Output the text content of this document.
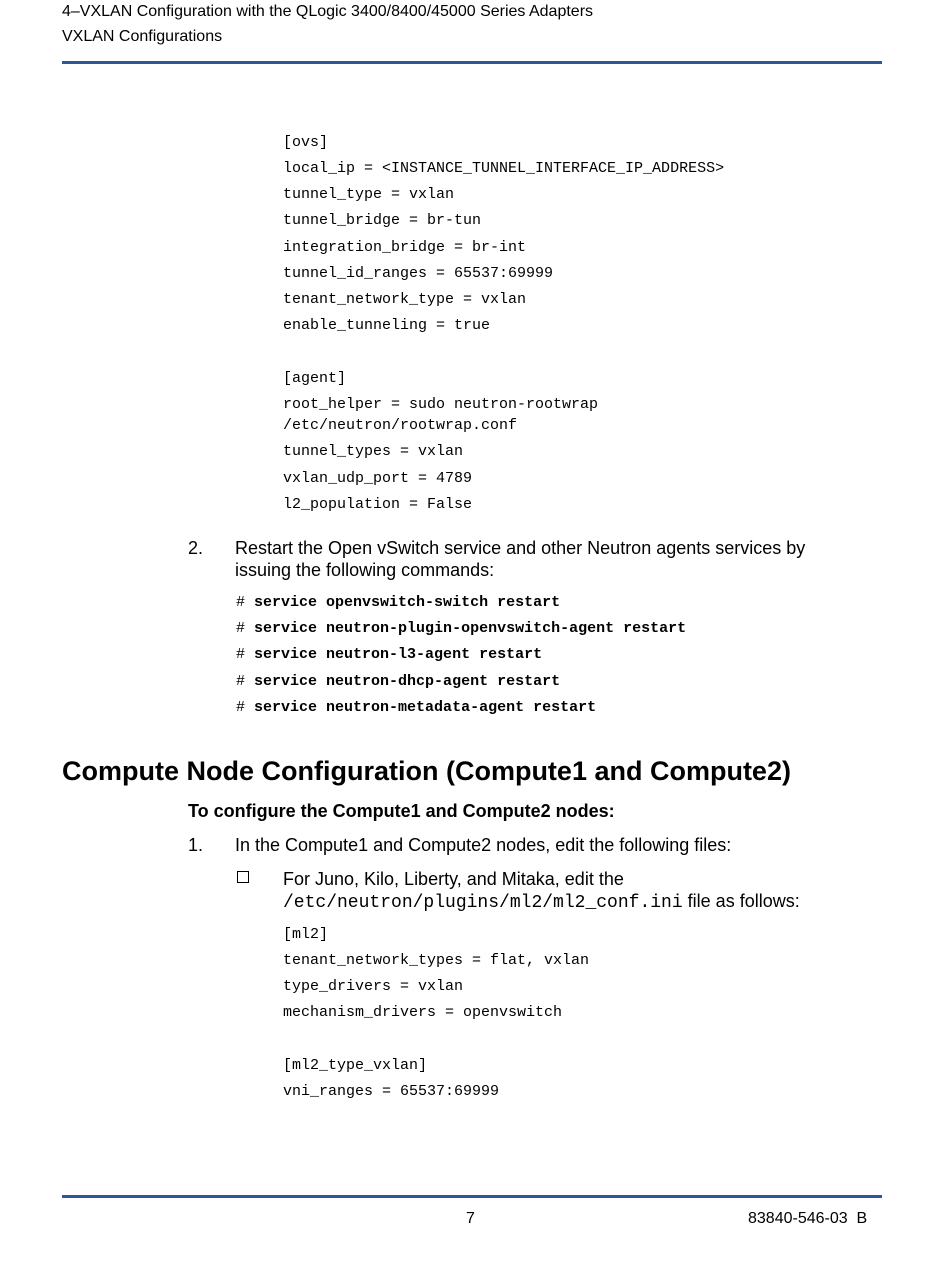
4–VXLAN Configuration with the QLogic 3400/8400/45000 Series Adapters
VXLAN Configurations
[ovs]
local_ip = <INSTANCE_TUNNEL_INTERFACE_IP_ADDRESS>
tunnel_type = vxlan
tunnel_bridge = br-tun
integration_bridge = br-int
tunnel_id_ranges = 65537:69999
tenant_network_type = vxlan
enable_tunneling = true
[agent]
root_helper = sudo neutron-rootwrap
/etc/neutron/rootwrap.conf
tunnel_types = vxlan
vxlan_udp_port = 4789
l2_population = False
2. Restart the Open vSwitch service and other Neutron agents services by
issuing the following commands:
# service openvswitch-switch restart
# service neutron-plugin-openvswitch-agent restart
# service neutron-l3-agent restart
# service neutron-dhcp-agent restart
# service neutron-metadata-agent restart
Compute Node Configuration (Compute1 and Compute2)
To configure the Compute1 and Compute2 nodes:
1. In the Compute1 and Compute2 nodes, edit the following files:
For Juno, Kilo, Liberty, and Mitaka, edit the
/etc/neutron/plugins/ml2/ml2_conf.ini file as follows:
[ml2]
tenant_network_types = flat, vxlan
type_drivers = vxlan
mechanism_drivers = openvswitch
[ml2_type_vxlan]
vni_ranges = 65537:69999
7	83840-546-03  B
